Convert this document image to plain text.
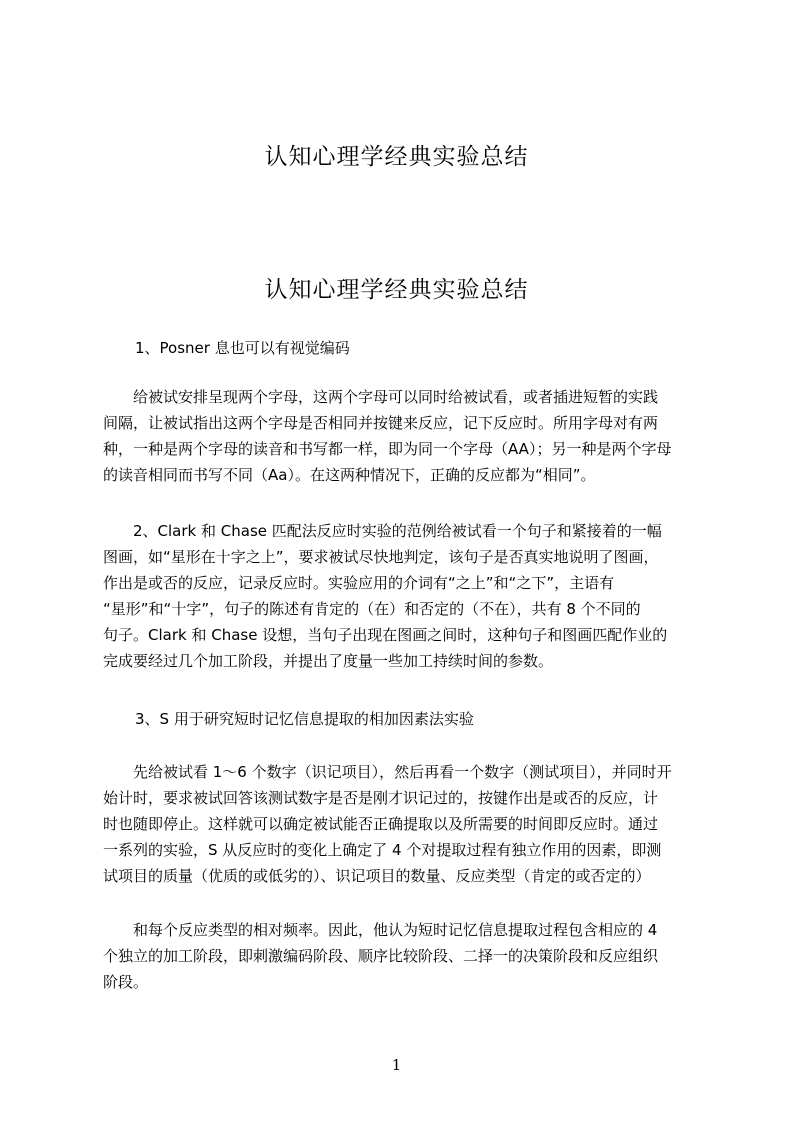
认知心理学经典实验总结
认知心理学经典实验总结

1、Posner 息也可以有视觉编码

　　给被试安排呈现两个字母，这两个字母可以同时给被试看，或者插进短暂的实践
间隔，让被试指出这两个字母是否相同并按键来反应，记下反应时。所用字母对有两
种，一种是两个字母的读音和书写都一样，即为同一个字母（AA）；另一种是两个字母
的读音相同而书写不同（Aa）。在这两种情况下，正确的反应都为“相同”。
　　2、Clark 和 Chase 匹配法反应时实验的范例给被试看一个句子和紧接着的一幅
图画，如“星形在十字之上”，要求被试尽快地判定，该句子是否真实地说明了图画，
作出是或否的反应，记录反应时。实验应用的介词有“之上”和“之下”，主语有
“星形”和“十字”，句子的陈述有肯定的（在）和否定的（不在），共有 8 个不同的
句子。Clark 和 Chase 设想，当句子出现在图画之间时，这种句子和图画匹配作业的
完成要经过几个加工阶段，并提出了度量一些加工持续时间的参数。

3、S 用于研究短时记忆信息提取的相加因素法实验

　　先给被试看 1～6 个数字（识记项目），然后再看一个数字（测试项目），并同时开
始计时，要求被试回答该测试数字是否是刚才识记过的，按键作出是或否的反应，计
时也随即停止。这样就可以确定被试能否正确提取以及所需要的时间即反应时。通过
一系列的实验，S 从反应时的变化上确定了 4 个对提取过程有独立作用的因素，即测
试项目的质量（优质的或低劣的）、识记项目的数量、反应类型（肯定的或否定的）
　　和每个反应类型的相对频率。因此，他认为短时记忆信息提取过程包含相应的 4
个独立的加工阶段，即刺激编码阶段、顺序比较阶段、二择一的决策阶段和反应组织
阶段。
1
